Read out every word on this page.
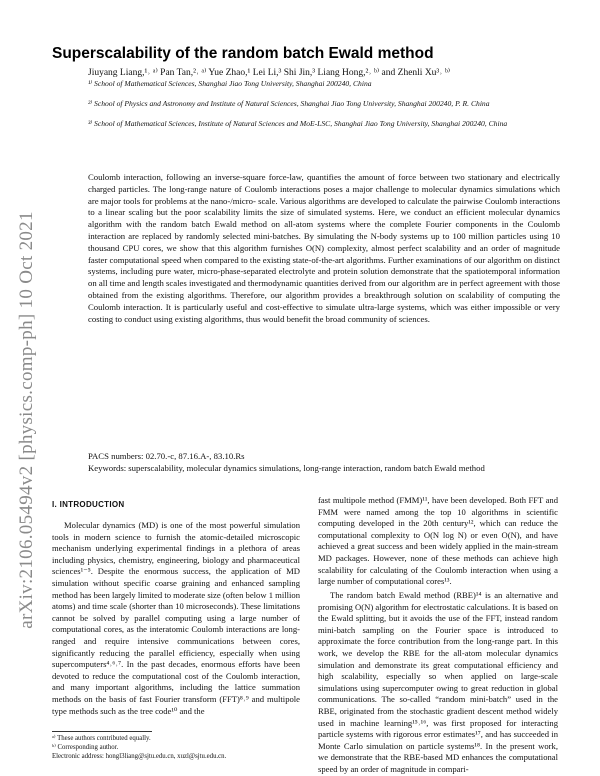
arXiv:2106.05494v2 [physics.comp-ph] 10 Oct 2021
Superscalability of the random batch Ewald method
Jiuyang Liang,¹˒ ᵃ⁾ Pan Tan,²˒ ᵃ⁾ Yue Zhao,¹ Lei Li,³ Shi Jin,³ Liang Hong,²˒ ᵇ⁾ and Zhenli Xu³˒ ᵇ⁾
¹⁾ School of Mathematical Sciences, Shanghai Jiao Tong University, Shanghai 200240, China
²⁾ School of Physics and Astronomy and Institute of Natural Sciences, Shanghai Jiao Tong University, Shanghai 200240, P. R. China
³⁾ School of Mathematical Sciences, Institute of Natural Sciences and MoE-LSC, Shanghai Jiao Tong University, Shanghai 200240, China

Coulomb interaction, following an inverse-square force-law, quantifies the amount of force between two stationary and electrically charged particles. The long-range nature of Coulomb interactions poses a major challenge to molecular dynamics simulations which are major tools for problems at the nano-/micro- scale. Various algorithms are developed to calculate the pairwise Coulomb interactions to a linear scaling but the poor scalability limits the size of simulated systems. Here, we conduct an efficient molecular dynamics algorithm with the random batch Ewald method on all-atom systems where the complete Fourier components in the Coulomb interaction are replaced by randomly selected mini-batches. By simulating the N-body systems up to 100 million particles using 10 thousand CPU cores, we show that this algorithm furnishes O(N) complexity, almost perfect scalability and an order of magnitude faster computational speed when compared to the existing state-of-the-art algorithms. Further examinations of our algorithm on distinct systems, including pure water, micro-phase-separated electrolyte and protein solution demonstrate that the spatiotemporal information on all time and length scales investigated and thermodynamic quantities derived from our algorithm are in perfect agreement with those obtained from the existing algorithms. Therefore, our algorithm provides a breakthrough solution on scalability of computing the Coulomb interaction. It is particularly useful and cost-effective to simulate ultra-large systems, which was either impossible or very costing to conduct using existing algorithms, thus would benefit the broad community of sciences.

PACS numbers: 02.70.-c, 87.16.A-, 83.10.Rs

Keywords: superscalability, molecular dynamics simulations, long-range interaction, random batch Ewald method

I. INTRODUCTION

Molecular dynamics (MD) is one of the most powerful simulation tools in modern science to furnish the atomic-detailed microscopic mechanism underlying experimental findings in a plethora of areas including physics, chemistry, engineering, biology and pharmaceutical sciences¹⁻⁵. Despite the enormous success, the application of MD simulation without specific coarse graining and enhanced sampling method has been largely limited to moderate size (often below 1 million atoms) and time scale (shorter than 10 microseconds). These limitations cannot be solved by parallel computing using a large number of computational cores, as the interatomic Coulomb interactions are long-ranged and require intensive communications between cores, significantly reducing the parallel efficiency, especially when using supercomputers⁴˒⁶˒⁷. In the past decades, enormous efforts have been devoted to reduce the computational cost of the Coulomb interaction, and many important algorithms, including the lattice summation methods on the basis of fast Fourier transform (FFT)⁸˒⁹ and multipole type methods such as the tree code¹⁰ and the

fast multipole method (FMM)¹¹, have been developed. Both FFT and FMM were named among the top 10 algorithms in scientific computing developed in the 20th century¹², which can reduce the computational complexity to O(N log N) or even O(N), and have achieved a great success and been widely applied in the main-stream MD packages. However, none of these methods can achieve high scalability for calculating of the Coulomb interaction when using a large number of computational cores¹³.

The random batch Ewald method (RBE)¹⁴ is an alternative and promising O(N) algorithm for electrostatic calculations. It is based on the Ewald splitting, but it avoids the use of the FFT, instead random mini-batch sampling on the Fourier space is introduced to approximate the force contribution from the long-range part. In this work, we develop the RBE for the all-atom molecular dynamics simulation and demonstrate its great computational efficiency and high scalability, especially so when applied on large-scale simulations using supercomputer owing to great reduction in global communications. The so-called “random mini-batch” used in the RBE, originated from the stochastic gradient descent method widely used in machine learning¹⁵˒¹⁶, was first proposed for interacting particle systems with rigorous error estimates¹⁷, and has succeeded in Monte Carlo simulation on particle systems¹⁸. In the present work, we demonstrate that the RBE-based MD enhances the computational speed by an order of magnitude in compari-

ᵃ⁾ These authors contributed equally.
ᵇ⁾ Corresponding author.
Electronic address: hongl3liang@sjtu.edu.cn, xuzl@sjtu.edu.cn.
